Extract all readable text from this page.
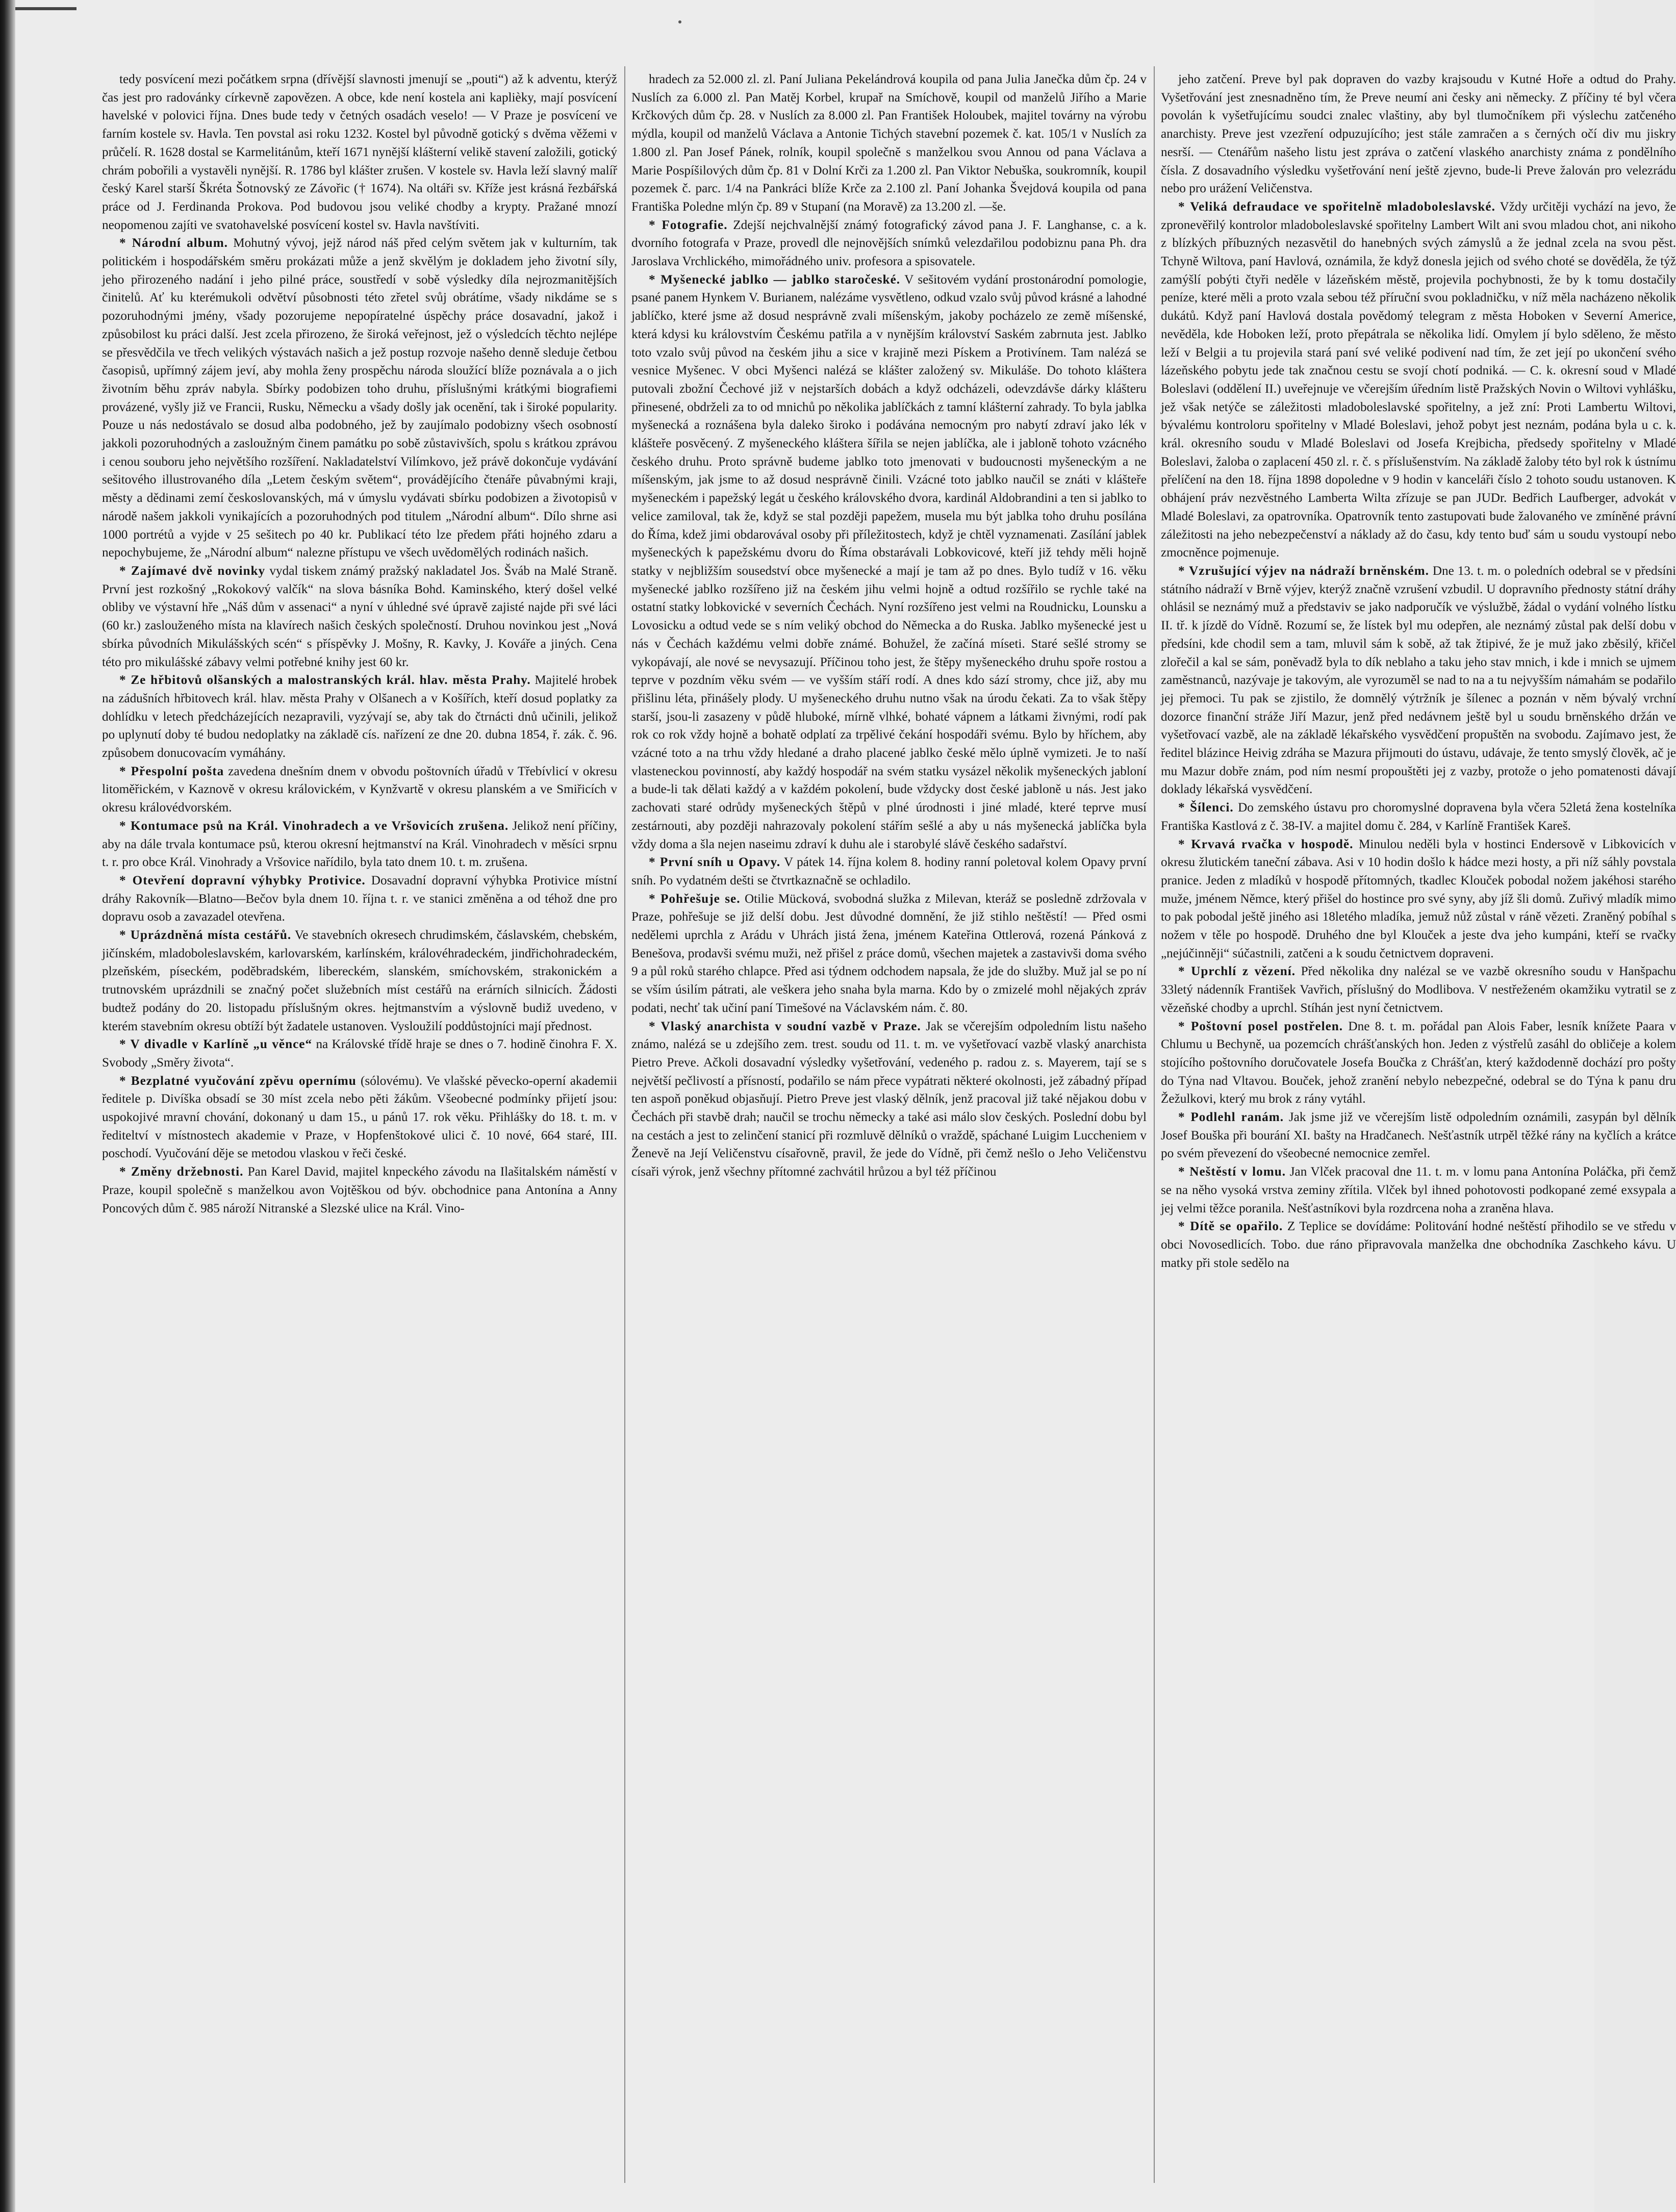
tedy posvícení mezi počátkem srpna (dřívější slavnosti jmenují se „pouti“) až k adventu, kterýž čas jest pro radovánky církevně zapovězen. A obce, kde není kostela ani kaplièky, mají posvícení havelské v polovici října. Dnes bude tedy v četných osadách veselo! — V Praze je posvícení ve farním kostele sv. Havla. Ten povstal asi roku 1232. Kostel byl původně gotický s dvěma věžemi v průčelí. R. 1628 dostal se Karmelitánům, kteří 1671 nynější klášterní velikě stavení založili, gotický chrám pobořili a vystavěli nynější. R. 1786 byl klášter zrušen. V kostele sv. Havla leží slavný malíř český Karel starší Škréta Šotnovský ze Závořic († 1674). Na oltáři sv. Kříže jest krásná řezbářská práce od J. Ferdinanda Prokova. Pod budovou jsou veliké chodby a krypty. Pražané mnozí neopomenou zajíti ve svatohavelské posvícení kostel sv. Havla navštíviti.

* Národní album. Mohutný vývoj, jejž národ náš před celým světem jak v kulturním, tak politickém i hospodářském směru prokázati může a jenž skvělým je dokladem jeho životní síly, jeho přirozeného nadání i jeho pilné práce, soustředí v sobě výsledky díla nejrozmanitějších činitelů. Ať ku kterémukoli odvětví působnosti této zřetel svůj obrátíme, všady nikdáme se s pozoruhodnými jmény, všady pozorujeme nepopíratelné úspěchy práce dosavadní, jakož i způsobilost ku práci další. Jest zcela přirozeno, že široká veřejnost, jež o výsledcích těchto nejlépe se přesvědčila ve třech velikých výstavách našich a jež postup rozvoje našeho denně sleduje četbou časopisů, upřímný zájem jeví, aby mohla ženy prospěchu národa sloužící blíže poznávala a o jich životním běhu zpráv nabyla. Sbírky podobizen toho druhu, příslušnými krátkými biografiemi provázené, vyšly již ve Francii, Rusku, Německu a všady došly jak ocenění, tak i široké popularity. Pouze u nás nedostávalo se dosud alba podobného, jež by zaujímalo podobizny všech osobností jakkoli pozoruhodných a zasloužným činem památku po sobě zůstavivších, spolu s krátkou zprávou i cenou souboru jeho největšího rozšíření. Nakladatelství Vilímkovo, jež právě dokončuje vydávání sešitového illustrovaného díla „Letem českým světem“, provádějícího čtenáře půvabnými kraji, městy a dědinami zemí českoslovanských, má v úmyslu vydávati sbírku podobizen a životopisů v národě našem jakkoli vynikajících a pozoruhodných pod titulem „Národní album“. Dílo shrne asi 1000 portrétů a vyjde v 25 sešitech po 40 kr. Publikací této lze předem přáti hojného zdaru a nepochybujeme, že „Národní album“ nalezne přístupu ve všech uvědomělých rodinách našich.

* Zajímavé dvě novinky vydal tiskem známý pražský nakladatel Jos. Šváb na Malé Straně. První jest rozkošný „Rokokový valčík“ na slova básníka Bohd. Kaminského, který došel velké obliby ve výstavní hře „Náš dům v assenaci“ a nyní v úhledné své úpravě zajisté najde při své láci (60 kr.) zaslouženého místa na klavírech našich českých společností. Druhou novinkou jest „Nová sbírka původních Mikulášských scén“ s příspěvky J. Mošny, R. Kavky, J. Kováře a jiných. Cena této pro mikulášské zábavy velmi potřebné knihy jest 60 kr.

* Ze hřbitovů olšanských a malostranských král. hlav. města Prahy. Majitelé hrobek na zádušních hřbitovech král. hlav. města Prahy v Olšanech a v Košířích, kteří dosud poplatky za dohlídku v letech předcházejících nezapravili, vyzývají se, aby tak do čtrnácti dnů učinili, jelikož po uplynutí doby té budou nedoplatky na základě cís. nařízení ze dne 20. dubna 1854, ř. zák. č. 96. způsobem donucovacím vymáhány.

* Přespolní pošta zavedena dnešním dnem v obvodu poštovních úřadů v Třebívlicí v okresu litoměřickém, v Kaznově v okresu královickém, v Kynžvartě v okresu planském a ve Smiřicích v okresu královédvorském.

* Kontumace psů na Král. Vinohradech a ve Vršovicích zrušena. Jelikož není příčiny, aby na dále trvala kontumace psů, kterou okresní hejtmanství na Král. Vinohradech v měsíci srpnu t. r. pro obce Král. Vinohrady a Vršovice nařídilo, byla tato dnem 10. t. m. zrušena.

* Otevření dopravní výhybky Protivice. Dosavadní dopravní výhybka Protivice místní dráhy Rakovník—Blatno—Bečov byla dnem 10. října t. r. ve stanici změněna a od téhož dne pro dopravu osob a zavazadel otevřena.

* Uprázdněná místa cestářů. Ve stavebních okresech chrudimském, čáslavském, chebském, jičínském, mladoboleslavském, karlovarském, karlínském, královéhradeckém, jindřichohradeckém, plzeňském, píseckém, poděbradském, libereckém, slanském, smíchovském, strakonickém a trutnovském uprázdnili se značný počet služebních míst cestářů na erárních silnicích. Žádosti budtež podány do 20. listopadu příslušným okres. hejtmanstvím a výslovně budiž uvedeno, v kterém stavebním okresu obtíží být žadatele ustanoven. Vysloužilí poddůstojníci mají přednost.

* V divadle v Karlíně „u věnce“ na Královské třídě hraje se dnes o 7. hodině činohra F. X. Svobody „Směry života“.

* Bezplatné vyučování zpěvu opernímu (sólovému). Ve vlašské pěvecko-operní akademii ředitele p. Divíška obsadí se 30 míst zcela nebo pěti žákům. Všeobecné podmínky přijetí jsou: uspokojivé mravní chování, dokonaný u dam 15., u pánů 17. rok věku. Přihlášky do 18. t. m. v řediteltví v místnostech akademie v Praze, v Hopfenštokové ulici č. 10 nové, 664 staré, III. poschodí. Vyučování děje se metodou vlaskou v řeči české.

* Změny držebnosti. Pan Karel David, majitel knpeckého závodu na Ilašitalském náměstí v Praze, koupil společně s manželkou avon Vojtěškou od býv. obchodnice pana Antonína a Anny Poncových dům č. 985 nároží Nitranské a Slezské ulice na Král. Vino-

hradech za 52.000 zl. zl. Paní Juliana Pekelándrová koupila od pana Julia Janečka dům čp. 24 v Nuslích za 6.000 zl. Pan Matěj Korbel, krupař na Smíchově, koupil od manželů Jiřího a Marie Krčkových dům čp. 28. v Nuslích za 8.000 zl. Pan František Holoubek, majitel továrny na výrobu mýdla, koupil od manželů Václava a Antonie Tichých stavební pozemek č. kat. 105/1 v Nuslích za 1.800 zl. Pan Josef Pánek, rolník, koupil společně s manželkou svou Annou od pana Václava a Marie Pospíšilových dům čp. 81 v Dolní Krči za 1.200 zl. Pan Viktor Nebuška, soukromník, koupil pozemek č. parc. 1/4 na Pankráci blíže Krče za 2.100 zl. Paní Johanka Švejdová koupila od pana Františka Poledne mlýn čp. 89 v Stupaní (na Moravě) za 13.200 zl. —še.

* Fotografie. Zdejší nejchvalnější známý fotografický závod pana J. F. Langhanse, c. a k. dvorního fotografa v Praze, provedl dle nejnovějších snímků velezdařilou podobiznu pana Ph. dra Jaroslava Vrchlického, mimořádného univ. profesora a spisovatele.

* Myšenecké jablko — jablko staročeské. V sešitovém vydání prostonárodní pomologie, psané panem Hynkem V. Burianem, nalézáme vysvětleno, odkud vzalo svůj původ krásné a lahodné jablíčko, které jsme až dosud nesprávně zvali míšenským, jakoby pocházelo ze země míšenské, která kdysi ku královstvím Českému patřila a v nynějším království Saském zabrnuta jest. Jablko toto vzalo svůj původ na českém jihu a sice v krajině mezi Pískem a Protivínem. Tam nalézá se vesnice Myšenec. V obci Myšenci nalézá se klášter založený sv. Mikuláše. Do tohoto kláštera putovali zbožní Čechové již v nejstarších dobách a když odcházeli, odevzdávše dárky klášteru přinesené, obdrželi za to od mnichů po několika jablíčkách z tamní klášterní zahrady. To byla jablka myšenecká a roznášena byla daleko široko i podávána nemocným pro nabytí zdraví jako lék v klášteře posvěcený. Z myšeneckého kláštera šířila se nejen jablíčka, ale i jabloně tohoto vzácného českého druhu. Proto správně budeme jablko toto jmenovati v budoucnosti myšeneckým a ne míšenským, jak jsme to až dosud nesprávně činili. Vzácné toto jablko naučil se znáti v klášteře myšeneckém i papežský legát u českého královského dvora, kardinál Aldobrandini a ten si jablko to velice zamiloval, tak že, když se stal později papežem, musela mu být jablka toho druhu posílána do Říma, kdež jimi obdarovával osoby při příležitostech, když je chtěl vyznamenati. Zasílání jablek myšeneckých k papežskému dvoru do Říma obstarávali Lobkovicové, kteří již tehdy měli hojně statky v nejbližším sousedství obce myšenecké a mají je tam až po dnes. Bylo tudíž v 16. věku myšenecké jablko rozšířeno již na českém jihu velmi hojně a odtud rozšířilo se rychle také na ostatní statky lobkovické v severních Čechách. Nyní rozšířeno jest velmi na Roudnicku, Lounsku a Lovosicku a odtud vede se s ním veliký obchod do Německa a do Ruska. Jablko myšenecké jest u nás v Čechách každému velmi dobře známé. Bohužel, že začíná míseti. Staré sešlé stromy se vykopávají, ale nové se nevysazují. Příčinou toho jest, že štěpy myšeneckého druhu spoře rostou a teprve v pozdním věku svém — ve vyšším stáří rodí. A dnes kdo sází stromy, chce již, aby mu přišlinu léta, přinášely plody. U myšeneckého druhu nutno však na úrodu čekati. Za to však štěpy starší, jsou-li zasazeny v půdě hluboké, mírně vlhké, bohaté vápnem a látkami živnými, rodí pak rok co rok vždy hojně a bohatě odplatí za trpělivé čekání hospodáři svému. Bylo by hříchem, aby vzácné toto a na trhu vždy hledané a draho placené jablko české mělo úplně vymizeti. Je to naší vlasteneckou povinností, aby každý hospodář na svém statku vysázel několik myšeneckých jabloní a bude-li tak dělati každý a v každém pokolení, bude vždycky dost české jabloně u nás. Jest jako zachovati staré odrůdy myšeneckých štěpů v plné úrodnosti i jiné mladé, které teprve musí zestárnouti, aby později nahrazovaly pokolení stářím sešlé a aby u nás myšenecká jablíčka byla vždy doma a šla nejen naseimu zdraví k duhu ale i starobylé slávě českého sadařství.

* První sníh u Opavy. V pátek 14. října kolem 8. hodiny ranní poletoval kolem Opavy první sníh. Po vydatném dešti se čtvrtkaznačně se ochladilo.

* Pohřešuje se. Otilie Mücková, svobodná služka z Milevan, kteráž se posledně zdržovala v Praze, pohřešuje se již delší dobu. Jest důvodné domnění, že již stihlo neštěstí! — Před osmi nedělemi uprchla z Arádu v Uhrách jistá žena, jménem Kateřina Ottlerová, rozená Pánková z Benešova, prodavši svému muži, než přišel z práce domů, všechen majetek a zastavivši doma svého 9 a půl roků starého chlapce. Před asi týdnem odchodem napsala, že jde do služby. Muž jal se po ní se vším úsilím pátrati, ale veškera jeho snaha byla marna. Kdo by o zmizelé mohl nějakých zpráv podati, nechť tak učiní paní Timešové na Václavském nám. č. 80.

* Vlaský anarchista v soudní vazbě v Praze. Jak se včerejším odpoledním listu našeho známo, nalézá se u zdejšího zem. trest. soudu od 11. t. m. ve vyšetřovací vazbě vlaský anarchista Pietro Preve. Ačkoli dosavadní výsledky vyšetřování, vedeného p. radou z. s. Mayerem, tají se s největší pečlivostí a přísností, podařilo se nám přece vypátrati některé okolnosti, jež zábadný případ ten aspoň poněkud objasňují. Pietro Preve jest vlaský dělník, jenž pracoval již také nějakou dobu v Čechách při stavbě drah; naučil se trochu německy a také asi málo slov českých. Poslední dobu byl na cestách a jest to zelinčení stanicí při rozmluvě dělníků o vraždě, spáchané Luigim Luccheniem v Ženevě na Její Veličenstvu císařovně, pravil, že jede do Vídně, při čemž nešlo o Jeho Veličenstvu císaři výrok, jenž všechny přítomné zachvátil hrůzou a byl též příčinou

jeho zatčení. Preve byl pak dopraven do vazby krajsoudu v Kutné Hoře a odtud do Prahy. Vyšetřování jest znesnadněno tím, že Preve neumí ani česky ani německy. Z příčiny té byl včera povolán k vyšetřujícímu soudci znalec vlaštiny, aby byl tlumočníkem při výslechu zatčeného anarchisty. Preve jest vzezření odpuzujícího; jest stále zamračen a s černých očí div mu jiskry nesrší. — Ctenářům našeho listu jest zpráva o zatčení vlaského anarchisty známa z pondělního čísla. Z dosavadního výsledku vyšetřování není ještě zjevno, bude-li Preve žalován pro velezrádu nebo pro urážení Veličenstva.

* Veliká defraudace ve spořitelně mladoboleslavské. Vždy určitěji vychází na jevo, že zpronevěřilý kontrolor mladoboleslavské spořitelny Lambert Wilt ani svou mladou chot, ani nikoho z blízkých příbuzných nezasvětil do hanebných svých zámyslů a že jednal zcela na svou pěst. Tchyně Wiltova, paní Havlová, oznámila, že když donesla jejich od svého choté se dověděla, že týž zamýšlí pobýti čtyři neděle v lázeňském městě, projevila pochybnosti, že by k tomu dostačily peníze, které měli a proto vzala sebou též příruční svou pokladničku, v níž měla nacházeno několik dukátů. Když paní Havlová dostala povědomý telegram z města Hoboken v Severní Americe, nevěděla, kde Hoboken leží, proto přepátrala se několika lidí. Omylem jí bylo sděleno, že město leží v Belgii a tu projevila stará paní své veliké podivení nad tím, že zet její po ukončení svého lázeňského pobytu jede tak značnou cestu se svojí chotí podniká. — C. k. okresní soud v Mladé Boleslavi (oddělení II.) uveřejnuje ve včerejším úředním listě Pražských Novin o Wiltovi vyhlášku, jež však netýče se záležitosti mladoboleslavské spořitelny, a jež zní: Proti Lambertu Wiltovi, bývalému kontroloru spořitelny v Mladé Boleslavi, jehož pobyt jest neznám, podána byla u c. k. král. okresního soudu v Mladé Boleslavi od Josefa Krejbicha, předsedy spořitelny v Mladé Boleslavi, žaloba o zaplacení 450 zl. r. č. s příslušenstvím. Na základě žaloby této byl rok k ústnímu přelíčení na den 18. října 1898 dopoledne v 9 hodin v kanceláři číslo 2 tohoto soudu ustanoven. K obhájení práv nezvěstného Lamberta Wilta zřízuje se pan JUDr. Bedřich Laufberger, advokát v Mladé Boleslavi, za opatrovníka. Opatrovník tento zastupovati bude žalovaného ve zmíněné právní záležitosti na jeho nebezpečenství a náklady až do času, kdy tento buď sám u soudu vystoupí nebo zmocněnce pojmenuje.

* Vzrušující výjev na nádraží brněnském. Dne 13. t. m. o poledních odebral se v předsíni státního nádraží v Brně výjev, kterýž značně vzrušení vzbudil. U dopravního přednosty státní dráhy ohlásil se neznámý muž a představiv se jako nadporučík ve výslužbě, žádal o vydání volného lístku II. tř. k jízdě do Vídně. Rozumí se, že lístek byl mu odepřen, ale neznámý zůstal pak delší dobu v předsíni, kde chodil sem a tam, mluvil sám k sobě, až tak žtipivé, že je muž jako zběsilý, křičel zlořečil a kal se sám, poněvadž byla to dík neblaho a taku jeho stav mnich, i kde i mnich se ujmem zaměstnanců, nazývaje je takovým, ale vyrozuměl se nad to na a tu nejvyšším námahám se podařilo jej přemoci. Tu pak se zjistilo, že domnělý výtržník je šílenec a poznán v něm bývalý vrchní dozorce finanční stráže Jiří Mazur, jenž před nedávnem ještě byl u soudu brněnského držán ve vyšetřovací vazbě, ale na základě lékařského vysvědčení propuštěn na svobodu. Zajímavo jest, že ředitel blázince Heivig zdráha se Mazura přijmouti do ústavu, udávaje, že tento smyslý člověk, ač je mu Mazur dobře znám, pod ním nesmí propouštěti jej z vazby, protože o jeho pomatenosti dávají doklady lékařská vysvědčení.

* Šílenci. Do zemského ústavu pro choromyslné dopravena byla včera 52letá žena kostelníka Františka Kastlová z č. 38-IV. a majitel domu č. 284, v Karlíně František Kareš.

* Krvavá rvačka v hospodě. Minulou neděli byla v hostinci Endersově v Libkovicích v okresu žlutickém taneční zábava. Asi v 10 hodin došlo k hádce mezi hosty, a při níž sáhly povstala pranice. Jeden z mladíků v hospodě přítomných, tkadlec Klouček pobodal nožem jakéhosi starého muže, jménem Němce, který přišel do hostince pro své syny, aby jíž šli domů. Zuřivý mladík mimo to pak pobodal ještě jiného asi 18letého mladíka, jemuž nůž zůstal v ráně vězeti. Zraněný pobíhal s nožem v těle po hospodě. Druhého dne byl Klouček a jeste dva jeho kumpáni, kteří se rvačky „nejúčinněji“ súčastnili, zatčeni a k soudu četnictvem dopraveni.

* Uprchlí z vězení. Před několika dny nalézal se ve vazbě okresního soudu v Hanšpachu 33letý nádenník František Vavřich, příslušný do Modlibova. V nestřeženém okamžiku vytratil se z vězeňské chodby a uprchl. Stíhán jest nyní četnictvem.

* Poštovní posel postřelen. Dne 8. t. m. pořádal pan Alois Faber, lesník knížete Paara v Chlumu u Bechyně, ua pozemcích chrášťanských hon. Jeden z výstřelů zasáhl do obličeje a kolem stojícího poštovního doručovatele Josefa Boučka z Chrášťan, který každodenně dochází pro pošty do Týna nad Vltavou. Bouček, jehož zranění nebylo nebezpečné, odebral se do Týna k panu dru Žežulkovi, který mu brok z rány vytáhl.

* Podlehl ranám. Jak jsme již ve včerejším listě odpoledním oznámili, zasypán byl dělník Josef Bouška při bourání XI. bašty na Hradčanech. Nešťastník utrpěl těžké rány na kyčlích a krátce po svém převezení do všeobecné nemocnice zemřel.

* Neštěstí v lomu. Jan Vlček pracoval dne 11. t. m. v lomu pana Antonína Poláčka, při čemž se na něho vysoká vrstva zeminy zřítila. Vlček byl ihned pohotovosti podkopané zemé exsypala a jej velmi těžce poranila. Nešťastníkovi byla rozdrcena noha a zraněna hlava.

* Dítě se opařilo. Z Teplice se dovídáme: Politování hodné neštěstí přihodilo se ve středu v obci Novosedlicích. Tobo. due ráno připravovala manželka dne obchodníka Zaschkeho kávu. U matky při stole sedělo na
